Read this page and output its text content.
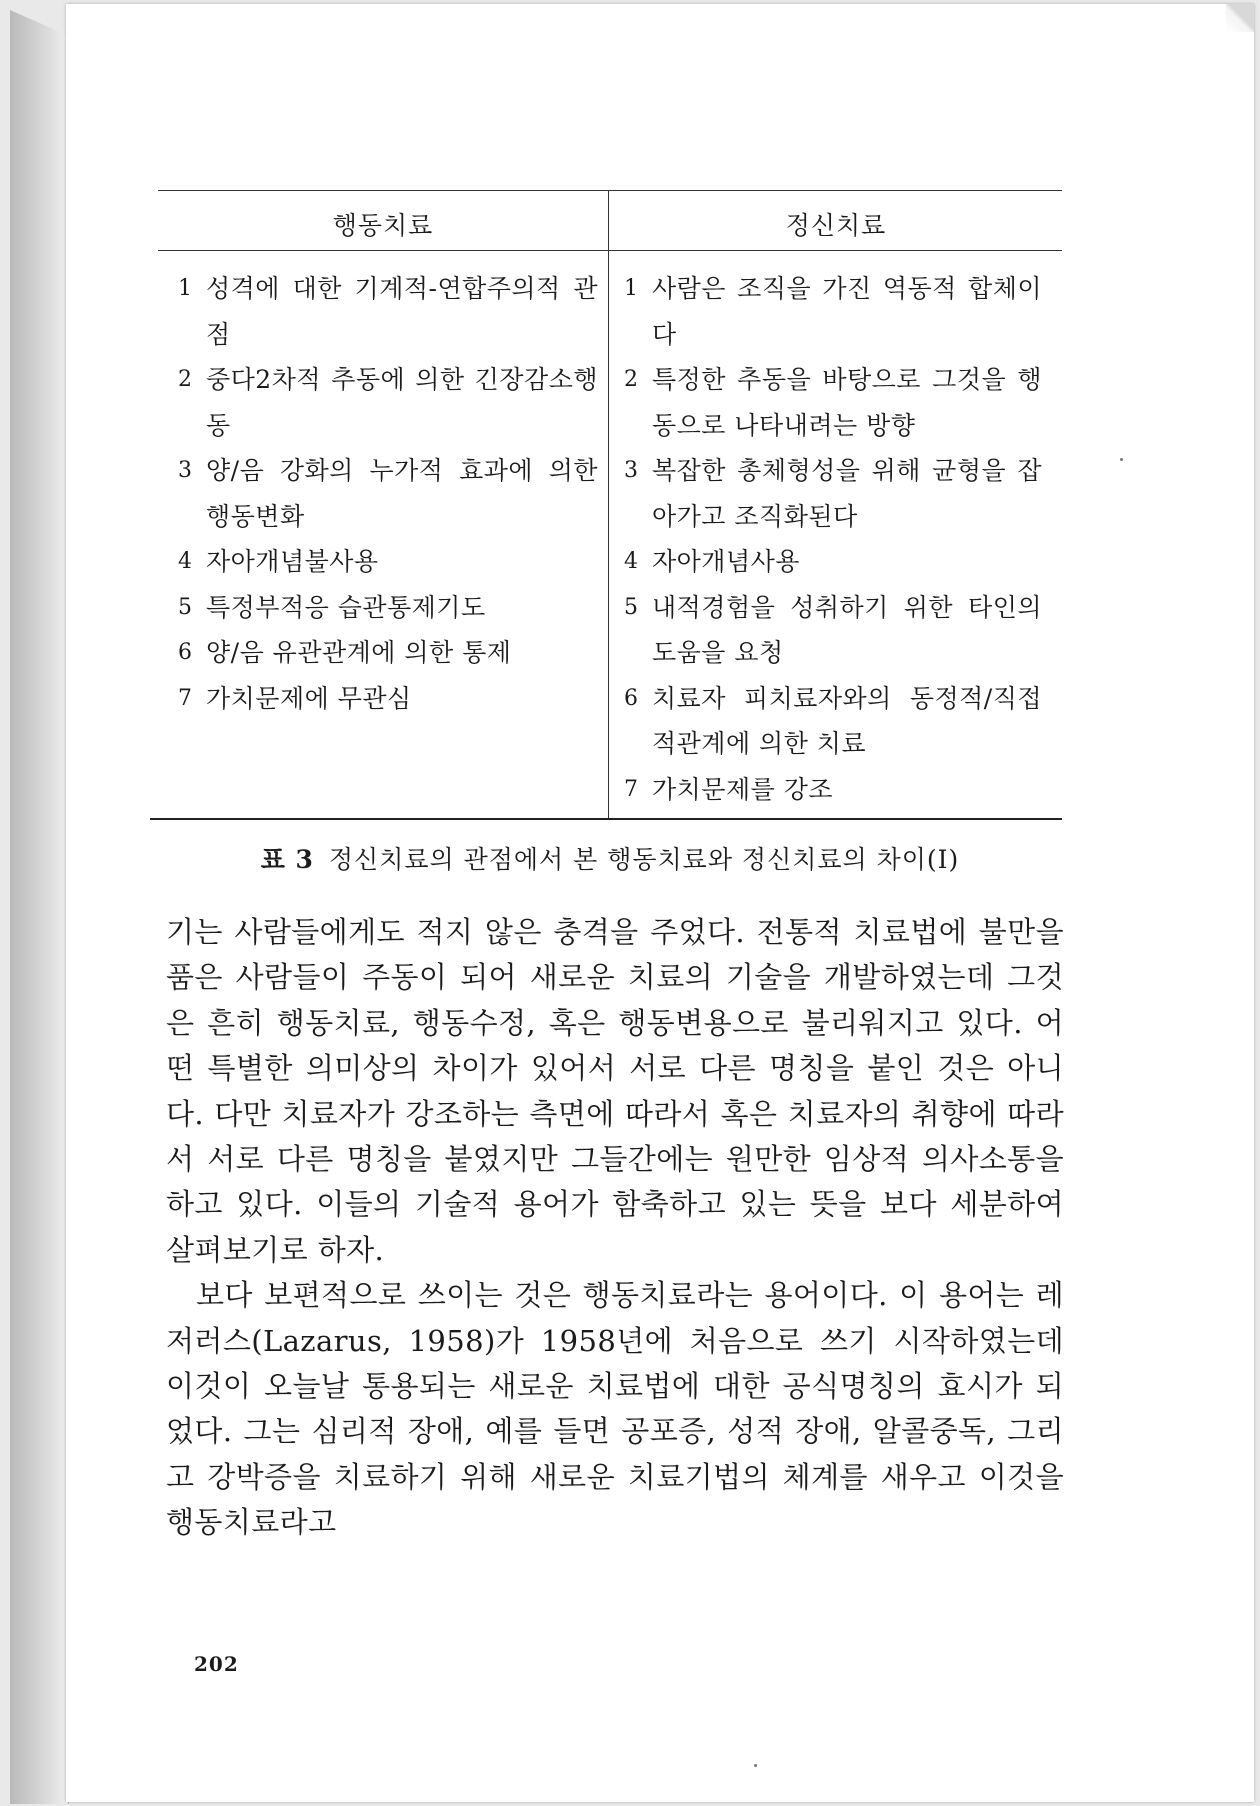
행동치료	정신치료
1 성격에 대한 기계적-연합주의적 관점
2 중다2차적 추동에 의한 긴장감소행동
3 양/음 강화의 누가적 효과에 의한 행동변화
4 자아개념불사용
5 특정부적응 습관통제기도
6 양/음 유관관계에 의한 통제
7 가치문제에 무관심
1 사람은 조직을 가진 역동적 합체이다
2 특정한 추동을 바탕으로 그것을 행동으로 나타내려는 방향
3 복잡한 총체형성을 위해 균형을 잡아가고 조직화된다
4 자아개념사용
5 내적경험을 성취하기 위한 타인의 도움을 요청
6 치료자 피치료자와의 동정적/직접적관계에 의한 치료
7 가치문제를 강조
표 3 정신치료의 관점에서 본 행동치료와 정신치료의 차이(I)

기는 사람들에게도 적지 않은 충격을 주었다. 전통적 치료법에 불만을 품은 사람들이 주동이 되어 새로운 치료의 기술을 개발하였는데 그것은 흔히 행동치료, 행동수정, 혹은 행동변용으로 불리워지고 있다. 어떤 특별한 의미상의 차이가 있어서 서로 다른 명칭을 붙인 것은 아니다. 다만 치료자가 강조하는 측면에 따라서 혹은 치료자의 취향에 따라서 서로 다른 명칭을 붙였지만 그들간에는 원만한 임상적 의사소통을 하고 있다. 이들의 기술적 용어가 함축하고 있는 뜻을 보다 세분하여 살펴보기로 하자.

보다 보편적으로 쓰이는 것은 행동치료라는 용어이다. 이 용어는 레저러스(Lazarus, 1958)가 1958년에 처음으로 쓰기 시작하였는데 이것이 오늘날 통용되는 새로운 치료법에 대한 공식명칭의 효시가 되었다. 그는 심리적 장애, 예를 들면 공포증, 성적 장애, 알콜중독, 그리고 강박증을 치료하기 위해 새로운 치료기법의 체계를 새우고 이것을 행동치료라고

202
